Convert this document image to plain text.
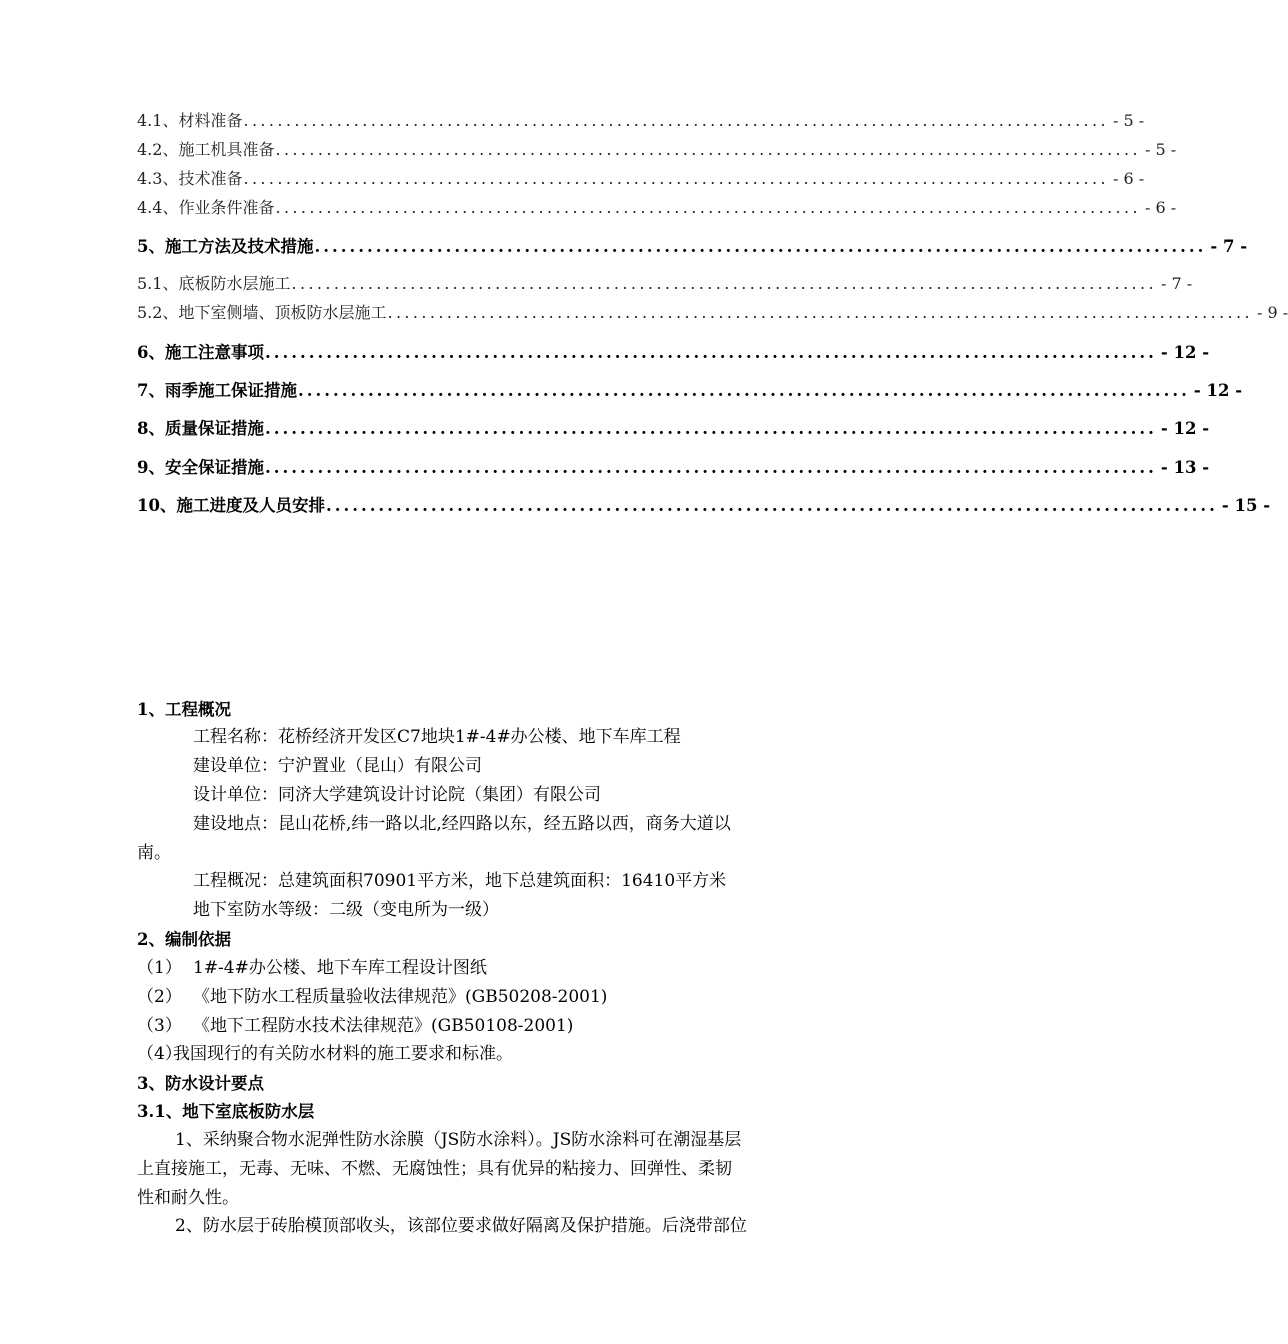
4.1、材料准备 ...................................................................................................... - 5 -
4.2、施工机具准备 ...................................................................................................... - 5 -
4.3、技术准备 ...................................................................................................... - 6 -
4.4、作业条件准备 ...................................................................................................... - 6 -
5、施工方法及技术措施 ...................................................................................................... - 7 -
5.1、底板防水层施工 ...................................................................................................... - 7 -
5.2、地下室侧墙、顶板防水层施工 ...................................................................................................... - 9 -
6、施工注意事项 ...................................................................................................... - 12 -
7、雨季施工保证措施 ...................................................................................................... - 12 -
8、质量保证措施 ...................................................................................................... - 12 -
9、安全保证措施 ...................................................................................................... - 13 -
10、施工进度及人员安排 ...................................................................................................... - 15 -
1、工程概况
工程名称：花桥经济开发区C7地块1#-4#办公楼、地下车库工程
建设单位：宁沪置业（昆山）有限公司
设计单位：同济大学建筑设计讨论院（集团）有限公司
建设地点：昆山花桥,纬一路以北,经四路以东，经五路以西，商务大道以
南。
工程概况：总建筑面积70901平方米，地下总建筑面积：16410平方米
地下室防水等级：二级（变电所为一级）
2、编制依据
（1） 1#-4#办公楼、地下车库工程设计图纸
（2） 《地下防水工程质量验收法律规范》(GB50208-2001)
（3） 《地下工程防水技术法律规范》(GB50108-2001)
（4）我国现行的有关防水材料的施工要求和标准。
3、防水设计要点
3.1、地下室底板防水层
1、采纳聚合物水泥弹性防水涂膜（JS防水涂料）。JS防水涂料可在潮湿基层
上直接施工，无毒、无味、不燃、无腐蚀性；具有优异的粘接力、回弹性、柔韧
性和耐久性。
2、防水层于砖胎模顶部收头，该部位要求做好隔离及保护措施。后浇带部位
